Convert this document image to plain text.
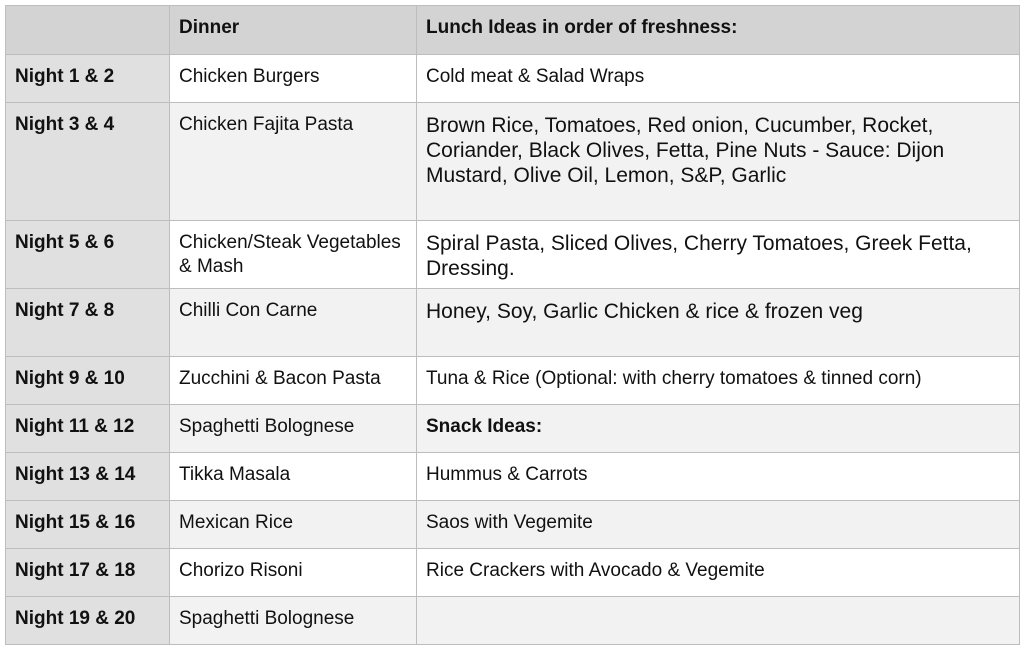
	Dinner	Lunch Ideas in order of freshness:
Night 1 & 2	Chicken Burgers	Cold meat & Salad Wraps
Night 3 & 4	Chicken Fajita Pasta	Brown Rice, Tomatoes, Red onion, Cucumber, Rocket, Coriander, Black Olives, Fetta, Pine Nuts - Sauce: Dijon Mustard, Olive Oil, Lemon, S&P, Garlic
Night 5 & 6	Chicken/Steak Vegetables & Mash	Spiral Pasta, Sliced Olives, Cherry Tomatoes, Greek Fetta, Dressing.
Night 7 & 8	Chilli Con Carne	Honey, Soy, Garlic Chicken & rice & frozen veg
Night 9 & 10	Zucchini & Bacon Pasta	Tuna & Rice (Optional: with cherry tomatoes & tinned corn)
Night 11 & 12	Spaghetti Bolognese	Snack Ideas:
Night 13 & 14	Tikka Masala	Hummus & Carrots
Night 15 & 16	Mexican Rice	Saos with Vegemite
Night 17 & 18	Chorizo Risoni	Rice Crackers with Avocado & Vegemite
Night 19 & 20	Spaghetti Bolognese	
